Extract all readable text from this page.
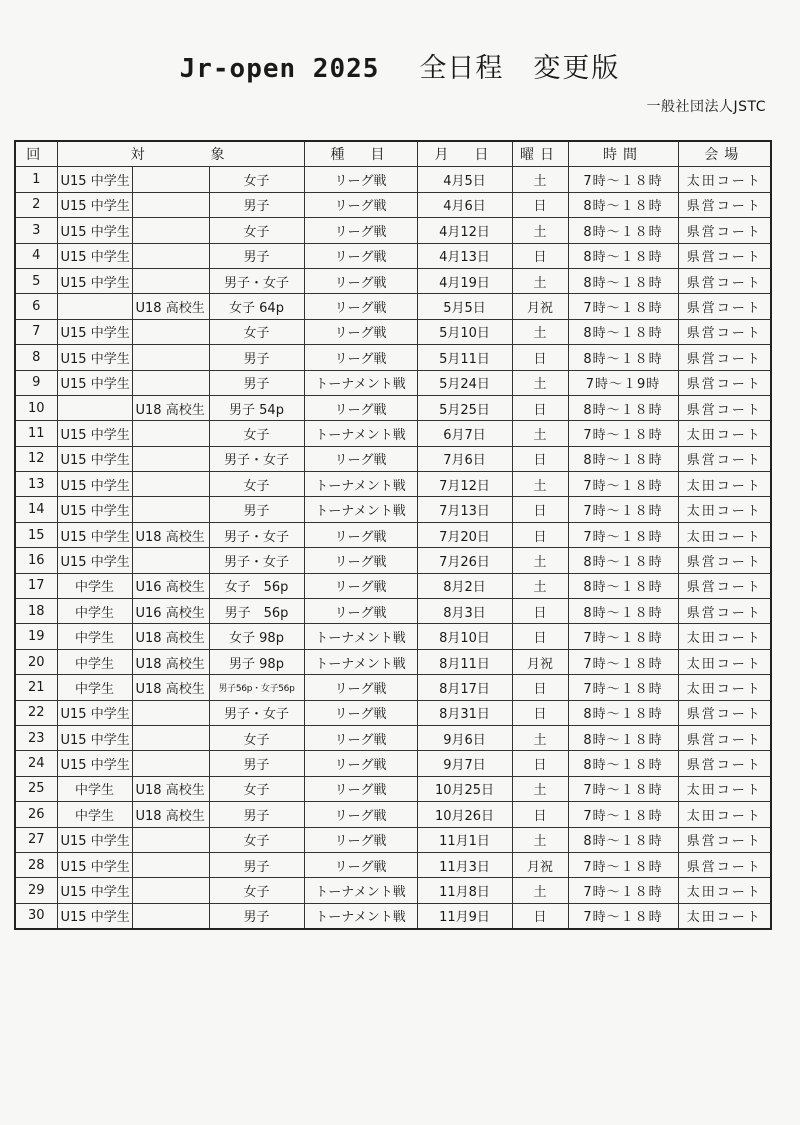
Jr-open 2025 全日程 変更版
一般社団法人JSTC
回	対　　　象			種　目	月　日	曜日	時間	会場
1	U15 中学生		女子	リーグ戦	4月5日	土	7時〜１８時	太田コート
2	U15 中学生		男子	リーグ戦	4月6日	日	8時〜１８時	県営コート
3	U15 中学生		女子	リーグ戦	4月12日	土	8時〜１８時	県営コート
4	U15 中学生		男子	リーグ戦	4月13日	日	8時〜１８時	県営コート
5	U15 中学生		男子・女子	リーグ戦	4月19日	土	8時〜１８時	県営コート
6		U18 高校生	女子 64p	リーグ戦	5月5日	月祝	7時〜１８時	県営コート
7	U15 中学生		女子	リーグ戦	5月10日	土	8時〜１８時	県営コート
8	U15 中学生		男子	リーグ戦	5月11日	日	8時〜１８時	県営コート
9	U15 中学生		男子	トーナメント戦	5月24日	土	7時〜１9時	県営コート
10		U18 高校生	男子 54p	リーグ戦	5月25日	日	8時〜１８時	県営コート
11	U15 中学生		女子	トーナメント戦	6月7日	土	7時〜１８時	太田コート
12	U15 中学生		男子・女子	リーグ戦	7月6日	日	8時〜１８時	県営コート
13	U15 中学生		女子	トーナメント戦	7月12日	土	7時〜１８時	太田コート
14	U15 中学生		男子	トーナメント戦	7月13日	日	7時〜１８時	太田コート
15	U15 中学生	U18 高校生	男子・女子	リーグ戦	7月20日	日	7時〜１８時	太田コート
16	U15 中学生		男子・女子	リーグ戦	7月26日	土	8時〜１８時	県営コート
17	中学生	U16 高校生	女子　56p	リーグ戦	8月2日	土	8時〜１８時	県営コート
18	中学生	U16 高校生	男子　56p	リーグ戦	8月3日	日	8時〜１８時	県営コート
19	中学生	U18 高校生	女子 98p	トーナメント戦	8月10日	日	7時〜１８時	太田コート
20	中学生	U18 高校生	男子 98p	トーナメント戦	8月11日	月祝	7時〜１８時	太田コート
21	中学生	U18 高校生	男子56p・女子56p	リーグ戦	8月17日	日	7時〜１８時	太田コート
22	U15 中学生		男子・女子	リーグ戦	8月31日	日	8時〜１８時	県営コート
23	U15 中学生		女子	リーグ戦	9月6日	土	8時〜１８時	県営コート
24	U15 中学生		男子	リーグ戦	9月7日	日	8時〜１８時	県営コート
25	中学生	U18 高校生	女子	リーグ戦	10月25日	土	7時〜１８時	太田コート
26	中学生	U18 高校生	男子	リーグ戦	10月26日	日	7時〜１８時	太田コート
27	U15 中学生		女子	リーグ戦	11月1日	土	8時〜１８時	県営コート
28	U15 中学生		男子	リーグ戦	11月3日	月祝	7時〜１８時	県営コート
29	U15 中学生		女子	トーナメント戦	11月8日	土	7時〜１８時	太田コート
30	U15 中学生		男子	トーナメント戦	11月9日	日	7時〜１８時	太田コート
